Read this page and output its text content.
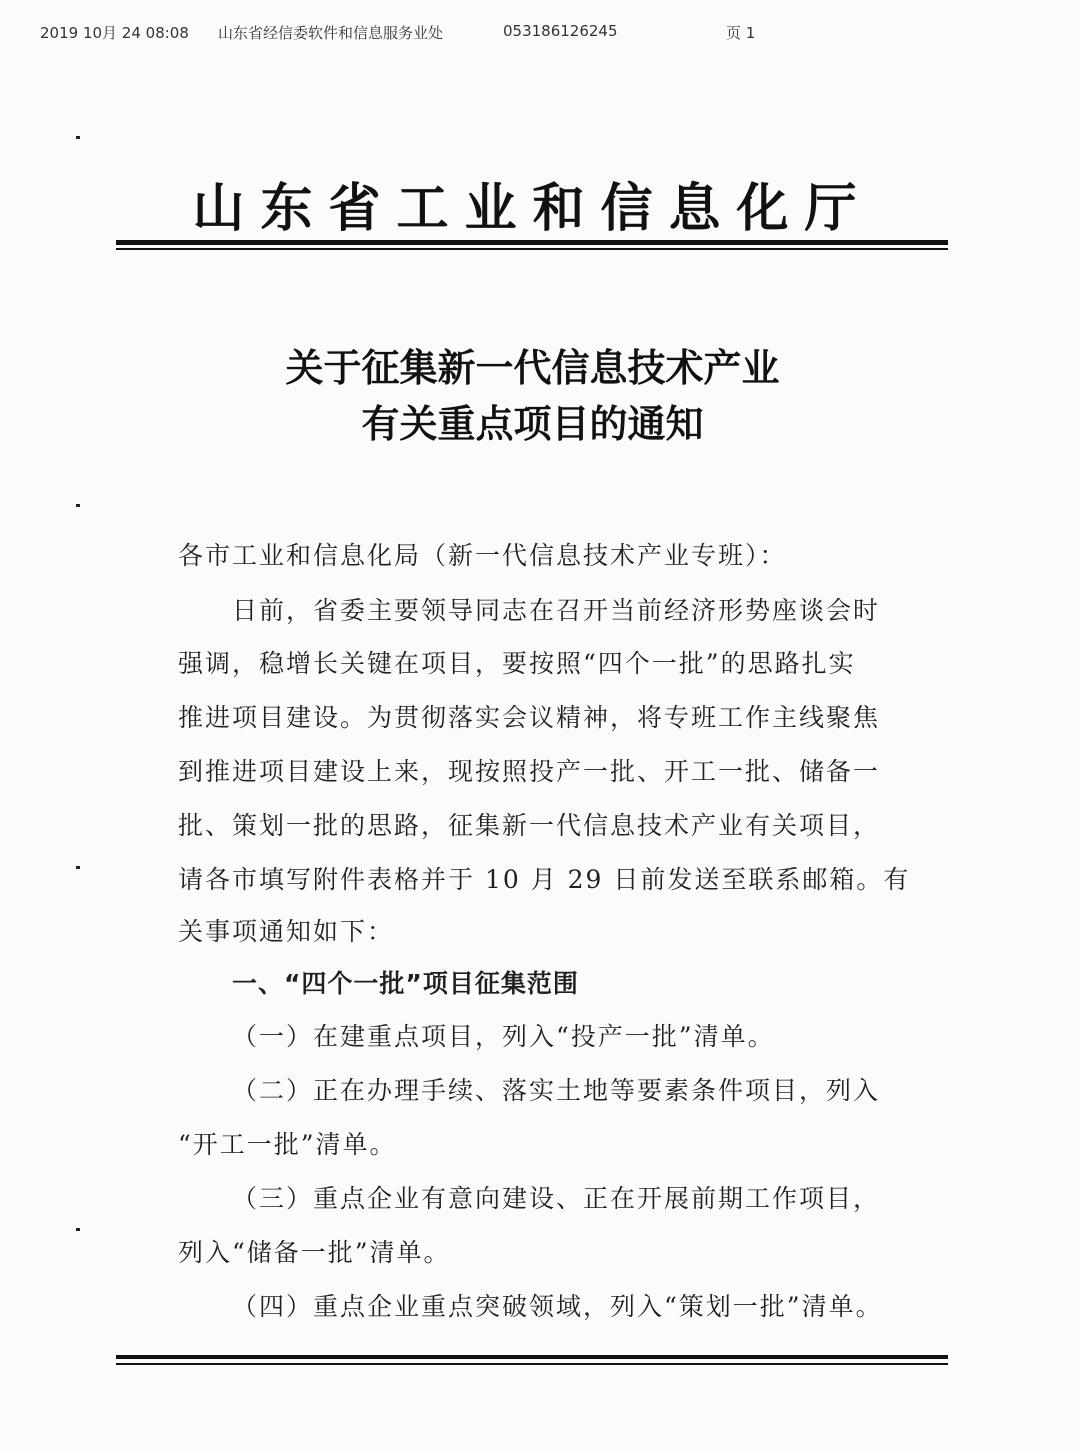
2019 10月 24 08:08 山东省经信委软件和信息服务业处	053186126245	页 1
山东省工业和信息化厅
关于征集新一代信息技术产业
有关重点项目的通知
各市工业和信息化局（新一代信息技术产业专班）：
日前，省委主要领导同志在召开当前经济形势座谈会时
强调，稳增长关键在项目，要按照“四个一批”的思路扎实
推进项目建设。为贯彻落实会议精神，将专班工作主线聚焦
到推进项目建设上来，现按照投产一批、开工一批、储备一
批、策划一批的思路，征集新一代信息技术产业有关项目，
请各市填写附件表格并于 10 月 29 日前发送至联系邮箱。有
关事项通知如下：
一、“四个一批”项目征集范围
（一）在建重点项目，列入“投产一批”清单。
（二）正在办理手续、落实土地等要素条件项目，列入
“开工一批”清单。
（三）重点企业有意向建设、正在开展前期工作项目，
列入“储备一批”清单。
（四）重点企业重点突破领域，列入“策划一批”清单。
